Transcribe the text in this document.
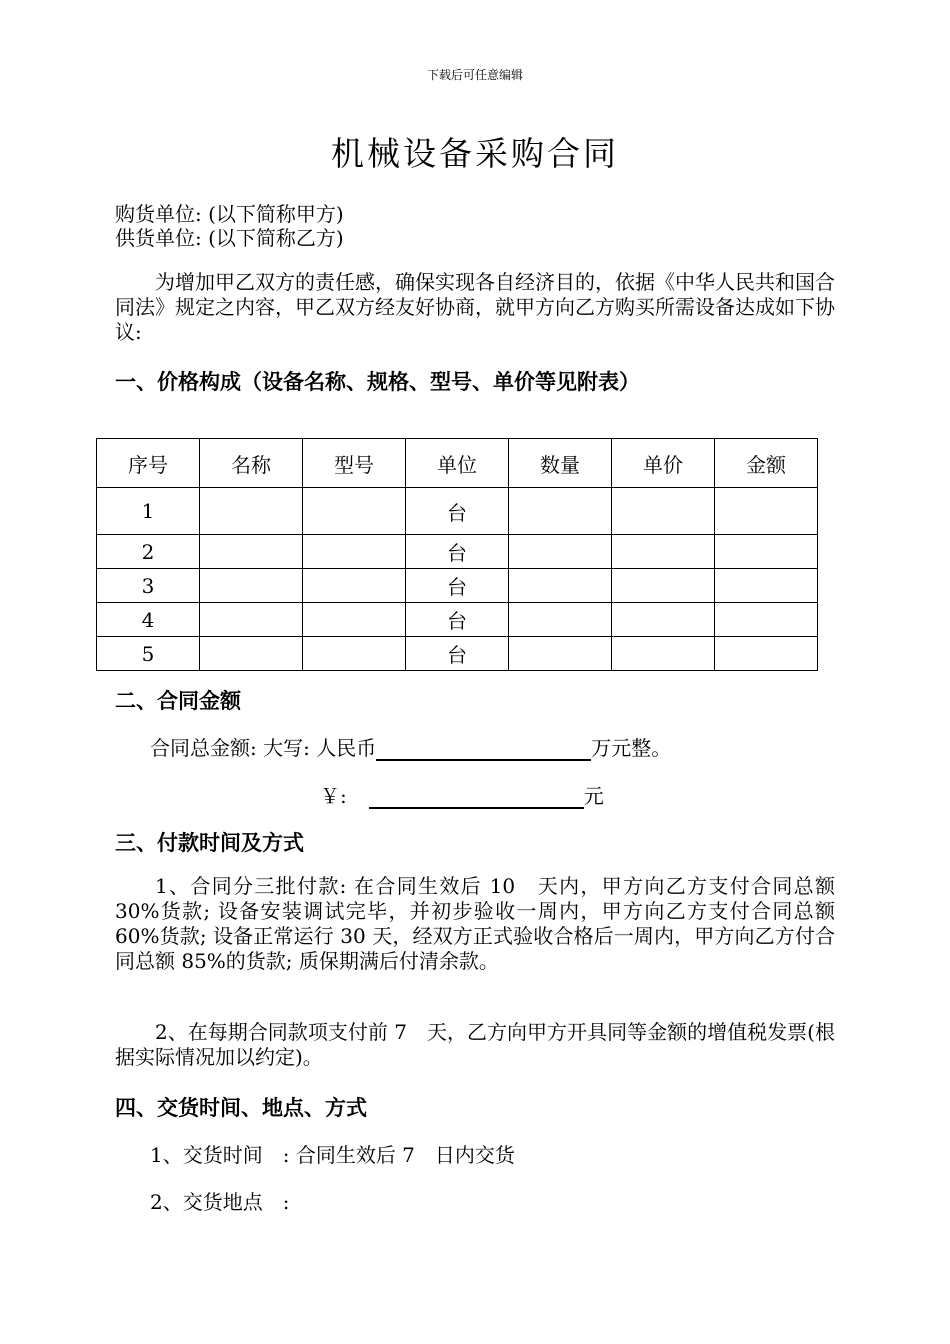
下载后可任意编辑
机械设备采购合同
购货单位: (以下简称甲方)
供货单位: (以下简称乙方)
为增加甲乙双方的责任感，确保实现各自经济目的，依据《中华人民共和国合同法》规定之内容，甲乙双方经友好协商，就甲方向乙方购买所需设备达成如下协议:
一、价格构成（设备名称、规格、型号、单价等见附表）
序号	名称	型号	单位	数量	单价	金额
1			台			
2			台			
3			台			
4			台			
5			台			
二、合同金额
合同总金额: 大写: 人民币	万元整。
￥:	元
三、付款时间及方式
1、合同分三批付款: 在合同生效后 10　天内，甲方向乙方支付合同总额 30%货款; 设备安装调试完毕，并初步验收一周内，甲方向乙方支付合同总额 60%货款; 设备正常运行 30 天，经双方正式验收合格后一周内，甲方向乙方付合同总额 85%的货款; 质保期满后付清余款。
2、在每期合同款项支付前 7　天，乙方向甲方开具同等金额的增值税发票(根据实际情况加以约定)。
四、交货时间、地点、方式
1、交货时间　: 合同生效后 7　日内交货
2、交货地点　:
